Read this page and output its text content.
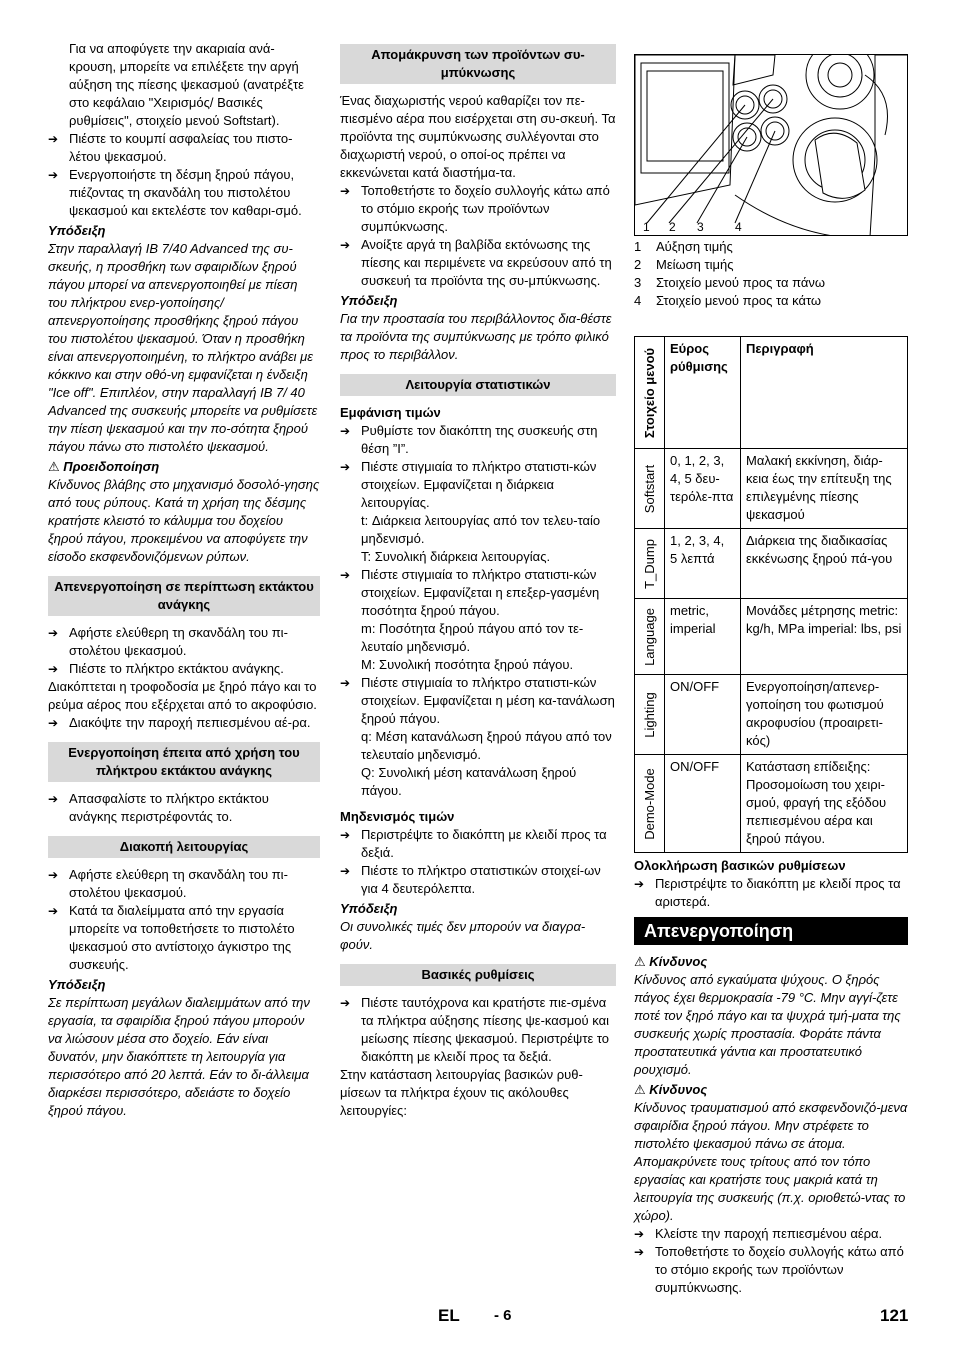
Για να αποφύγετε την ακαριαία ανά-κρουση, μπορείτε να επιλέξετε την αργή αύξηση της πίεσης ψεκασμού (ανατρέξτε στο κεφάλαιο "Χειρισμός/ Βασικές ρυθμίσεις", στοιχείο μενού Softstart).

➔ Πιέστε το κουμπί ασφαλείας του πιστο-λέτου ψεκασμού.
➔ Ενεργοποιήστε τη δέσμη ξηρού πάγου, πιέζοντας τη σκανδάλη του πιστολέτου ψεκασμού και εκτελέστε τον καθαρι-σμό.

Υπόδειξη

Στην παραλλαγή IB 7/40 Advanced της συ-σκευής, η προσθήκη των σφαιριδίων ξηρού πάγου μπορεί να απενεργοποιηθεί με πίεση του πλήκτρου ενερ-γοποίησης/απενεργοποίησης προσθήκης ξηρού πάγου του πιστολέτου ψεκασμού. Όταν η προσθήκη είναι απενεργοποιημένη, το πλήκτρο ανάβει με κόκκινο και στην οθό-νη εμφανίζεται η ένδειξη "Ice off". Επιπλέον, στην παραλλαγή IB 7/ 40 Advanced της συσκευής μπορείτε να ρυθμίσετε την πίεση ψεκασμού και την πο-σότητα ξηρού πάγου πάνω στο πιστολέτο ψεκασμού.

⚠ Προειδοποίηση

Κίνδυνος βλάβης στο μηχανισμό δοσολό-γησης από τους ρύπους. Κατά τη χρήση της δέσμης κρατήστε κλειστό το κάλυμμα του δοχείου ξηρού πάγου, προκειμένου να αποφύγετε την είσοδο εκσφενδονιζόμενων ρύπων.

Απενεργοποίηση σε περίπτωση εκτάκτου ανάγκης
➔ Αφήστε ελεύθερη τη σκανδάλη του πι-στολέτου ψεκασμού.
➔ Πιέστε το πλήκτρο εκτάκτου ανάγκης.

Διακόπτεται η τροφοδοσία με ξηρό πάγο και το ρεύμα αέρος που εξέρχεται από το ακροφύσιο.

➔ Διακόψτε την παροχή πεπιεσμένου αέ-ρα.
Ενεργοποίηση έπειτα από χρήση του πλήκτρου εκτάκτου ανάγκης
➔ Απασφαλίστε το πλήκτρο εκτάκτου ανάγκης περιστρέφοντάς το.
Διακοπή λειτουργίας
➔ Αφήστε ελεύθερη τη σκανδάλη του πι-στολέτου ψεκασμού.
➔ Κατά τα διαλείμματα από την εργασία μπορείτε να τοποθετήσετε το πιστολέτο ψεκασμού στο αντίστοιχο άγκιστρο της συσκευής.

Υπόδειξη

Σε περίπτωση μεγάλων διαλειμμάτων από την εργασία, τα σφαιρίδια ξηρού πάγου μπορούν να λιώσουν μέσα στο δοχείο. Εάν είναι δυνατόν, μην διακόπτετε τη λειτουργία για περισσότερο από 20 λεπτά. Εάν το δι-άλλειμα διαρκέσει περισσότερο, αδειάστε το δοχείο ξηρού πάγου.

Απομάκρυνση των προϊόντων συ-μπύκνωσης

Ένας διαχωριστής νερού καθαρίζει τον πε-πιεσμένο αέρα που εισέρχεται στη συ-σκευή. Τα προϊόντα της συμπύκνωσης συλλέγονται στο διαχωριστή νερού, ο οποί-ος πρέπει να εκκενώνεται κατά διαστήμα-τα.

➔ Τοποθετήστε το δοχείο συλλογής κάτω από το στόμιο εκροής των προϊόντων συμπύκνωσης.
➔ Ανοίξτε αργά τη βαλβίδα εκτόνωσης της πίεσης και περιμένετε να εκρεύσουν από τη συσκευή τα προϊόντα της συ-μπύκνωσης.

Υπόδειξη

Για την προστασία του περιβάλλοντος δια-θέστε τα προϊόντα της συμπύκνωσης με τρόπο φιλικό προς το περιβάλλον.

Λειτουργία στατιστικών

Εμφάνιση τιμών

➔ Ρυθμίστε τον διακόπτη της συσκευής στη θέση ”I”.
➔ Πιέστε στιγμιαία το πλήκτρο στατιστι-κών στοιχείων. Εμφανίζεται η διάρκεια λειτουργίας.

t: Διάρκεια λειτουργίας από τον τελευ-ταίο μηδενισμό.

T: Συνολική διάρκεια λειτουργίας.

➔ Πιέστε στιγμιαία το πλήκτρο στατιστι-κών στοιχείων. Εμφανίζεται η επεξερ-γασμένη ποσότητα ξηρού πάγου.

m: Ποσότητα ξηρού πάγου από τον τε-λευταίο μηδενισμό.

M: Συνολική ποσότητα ξηρού πάγου.

➔ Πιέστε στιγμιαία το πλήκτρο στατιστι-κών στοιχείων. Εμφανίζεται η μέση κα-τανάλωση ξηρού πάγου.

q: Μέση κατανάλωση ξηρού πάγου από τον τελευταίο μηδενισμό.

Q: Συνολική μέση κατανάλωση ξηρού πάγου.

Μηδενισμός τιμών

➔ Περιστρέψτε το διακόπτη με κλειδί προς τα δεξιά.
➔ Πιέστε το πλήκτρο στατιστικών στοιχεί-ων για 4 δευτερόλεπτα.

Υπόδειξη

Οι συνολικές τιμές δεν μπορούν να διαγρα-φούν.

Βασικές ρυθμίσεις
➔ Πιέστε ταυτόχρονα και κρατήστε πιε-σμένα τα πλήκτρα αύξησης πίεσης ψε-κασμού και μείωσης πίεσης ψεκασμού. Περιστρέψτε το διακόπτη με κλειδί προς τα δεξιά.

Στην κατάσταση λειτουργίας βασικών ρυθ-μίσεων τα πλήκτρα έχουν τις ακόλουθες λειτουργίες:

1 2 3	4
1	Αύξηση τιμής
2	Μείωση τιμής
3	Στοιχείο μενού προς τα πάνω
4	Στοιχείο μενού προς τα κάτω
Στοιχείο μενού	Εύρος ρύθμισης	Περιγραφή

Softstart	0, 1, 2, 3, 4, 5 δευ-τερόλε-πτα	Μαλακή εκκίνηση, διάρ-κεια έως την επίτευξη της επιλεγμένης πίεσης ψεκασμού

T_Dump	1, 2, 3, 4, 5 λεπτά	Διάρκεια της διαδικασίας εκκένωσης ξηρού πά-γου

Language	metric, imperial	Μονάδες μέτρησης metric: kg/h, MPa imperial: lbs, psi

Lighting	ON/OFF	Ενεργοποίηση/απενερ-γοποίηση του φωτισμού ακροφυσίου (προαιρετι-κός)

Demo-Mode	ON/OFF	Κατάσταση επίδειξης: Προσομοίωση του χειρι-σμού, φραγή της εξόδου πεπιεσμένου αέρα και ξηρού πάγου.

Ολοκλήρωση βασικών ρυθμίσεων

➔ Περιστρέψτε το διακόπτη με κλειδί προς τα αριστερά.
Απενεργοποίηση

⚠ Κίνδυνος

Κίνδυνος από εγκαύματα ψύχους. Ο ξηρός πάγος έχει θερμοκρασία -79 °C. Μην αγγί-ζετε ποτέ τον ξηρό πάγο και τα ψυχρά τμή-ματα της συσκευής χωρίς προστασία. Φοράτε πάντα προστατευτικά γάντια και προστατευτικό ρουχισμό.

⚠ Κίνδυνος

Κίνδυνος τραυματισμού από εκσφενδονιζό-μενα σφαιρίδια ξηρού πάγου. Μην στρέφετε το πιστολέτο ψεκασμού πάνω σε άτομα. Απομακρύνετε τους τρίτους από τον τόπο εργασίας και κρατήστε τους μακριά κατά τη λειτουργία της συσκευής (π.χ. οριοθετώ-ντας το χώρο).

➔ Κλείστε την παροχή πεπιεσμένου αέρα.
➔ Τοποθετήστε το δοχείο συλλογής κάτω από το στόμιο εκροής των προϊόντων συμπύκνωσης.
EL - 6	121
